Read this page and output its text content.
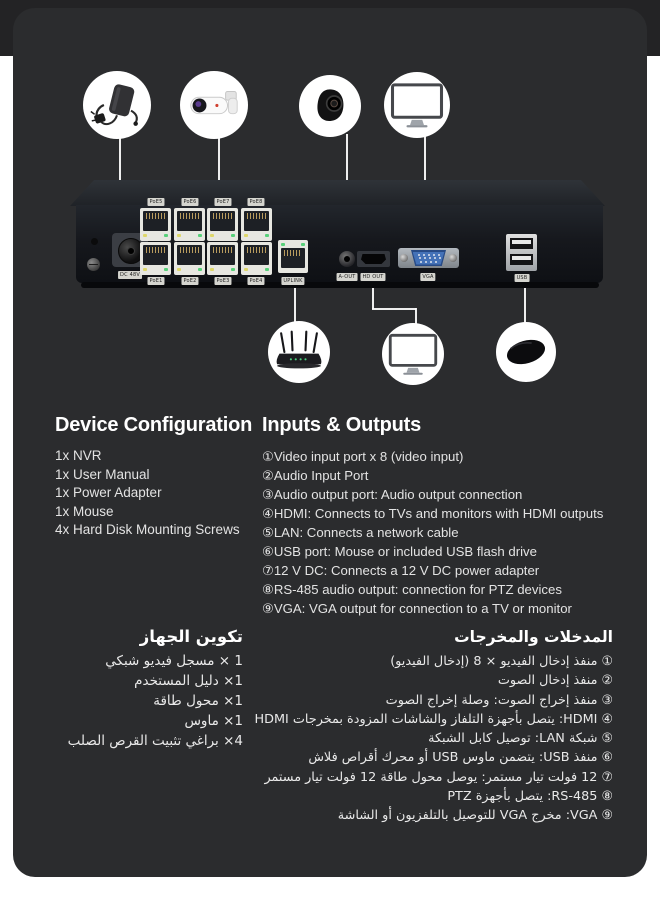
DC 48V
PoE5	PoE6	PoE7	PoE8
PoE1	PoE2	PoE3	PoE4	UPLINK
A-OUT	HD OUT	VGA	USB
Device Configuration Inputs & Outputs
1x NVR
1x User Manual
1x Power Adapter
1x Mouse
4x Hard Disk Mounting Screws
①Video input port x 8 (video input)
②Audio Input Port
③Audio output port: Audio output connection
④HDMI: Connects to TVs and monitors with HDMI outputs
⑤LAN: Connects a network cable
⑥USB port: Mouse or included USB flash drive
⑦12 V DC: Connects a 12 V DC power adapter
⑧RS-485 audio output: connection for PTZ devices
⑨VGA: VGA output for connection to a TV or monitor
تكوين الجهاز
1 × مسجل فيديو شبكي
1× دليل المستخدم
1× محول طاقة
1× ماوس
4× براغي تثبيت القرص الصلب
المدخلات والمخرجات
① منفذ إدخال الفيديو × 8 (إدخال الفيديو)
② منفذ إدخال الصوت
③ منفذ إخراج الصوت: وصلة إخراج الصوت
④ HDMI: يتصل بأجهزة التلفاز والشاشات المزودة بمخرجات HDMI
⑤ شبكة LAN: توصيل كابل الشبكة
⑥ منفذ USB: يتضمن ماوس USB أو محرك أقراص فلاش
⑦ 12 فولت تيار مستمر: يوصل محول طاقة 12 فولت تيار مستمر
⑧ RS-485: يتصل بأجهزة PTZ
⑨ VGA: مخرج VGA للتوصيل بالتلفزيون أو الشاشة
